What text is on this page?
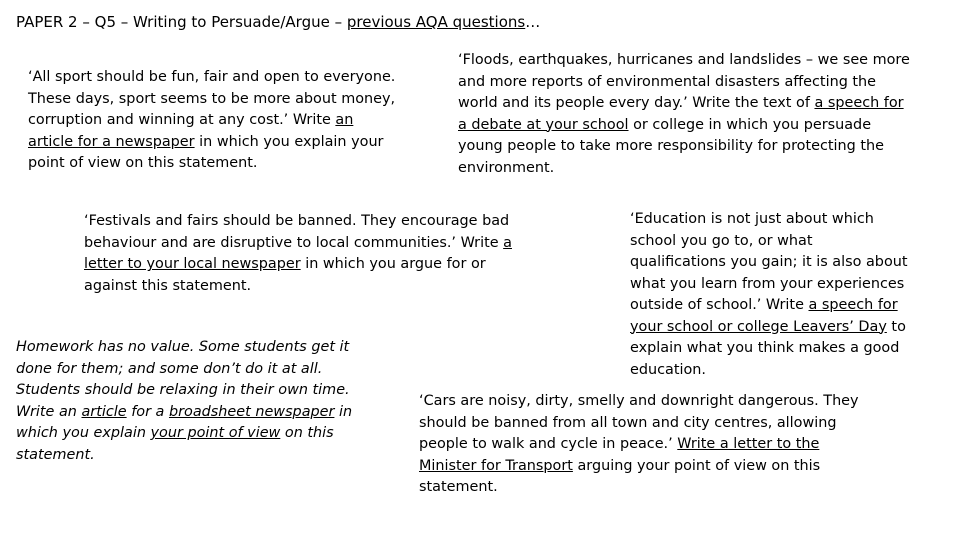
PAPER 2 – Q5 – Writing to Persuade/Argue – previous AQA questions…
‘All sport should be fun, fair and open to everyone.
These days, sport seems to be more about money,
corruption and winning at any cost.’ Write an
article for a newspaper in which you explain your
point of view on this statement.
‘Floods, earthquakes, hurricanes and landslides – we see more
and more reports of environmental disasters affecting the
world and its people every day.’ Write the text of a speech for
a debate at your school or college in which you persuade
young people to take more responsibility for protecting the
environment.
‘Festivals and fairs should be banned. They encourage bad
behaviour and are disruptive to local communities.’ Write a
letter to your local newspaper in which you argue for or
against this statement.
‘Education is not just about which
school you go to, or what
qualifications you gain; it is also about
what you learn from your experiences
outside of school.’ Write a speech for
your school or college Leavers’ Day to
explain what you think makes a good
education.
Homework has no value. Some students get it
done for them; and some don’t do it at all.
Students should be relaxing in their own time.
Write an article for a broadsheet newspaper in
which you explain your point of view on this
statement.
‘Cars are noisy, dirty, smelly and downright dangerous. They
should be banned from all town and city centres, allowing
people to walk and cycle in peace.’ Write a letter to the
Minister for Transport arguing your point of view on this
statement.
